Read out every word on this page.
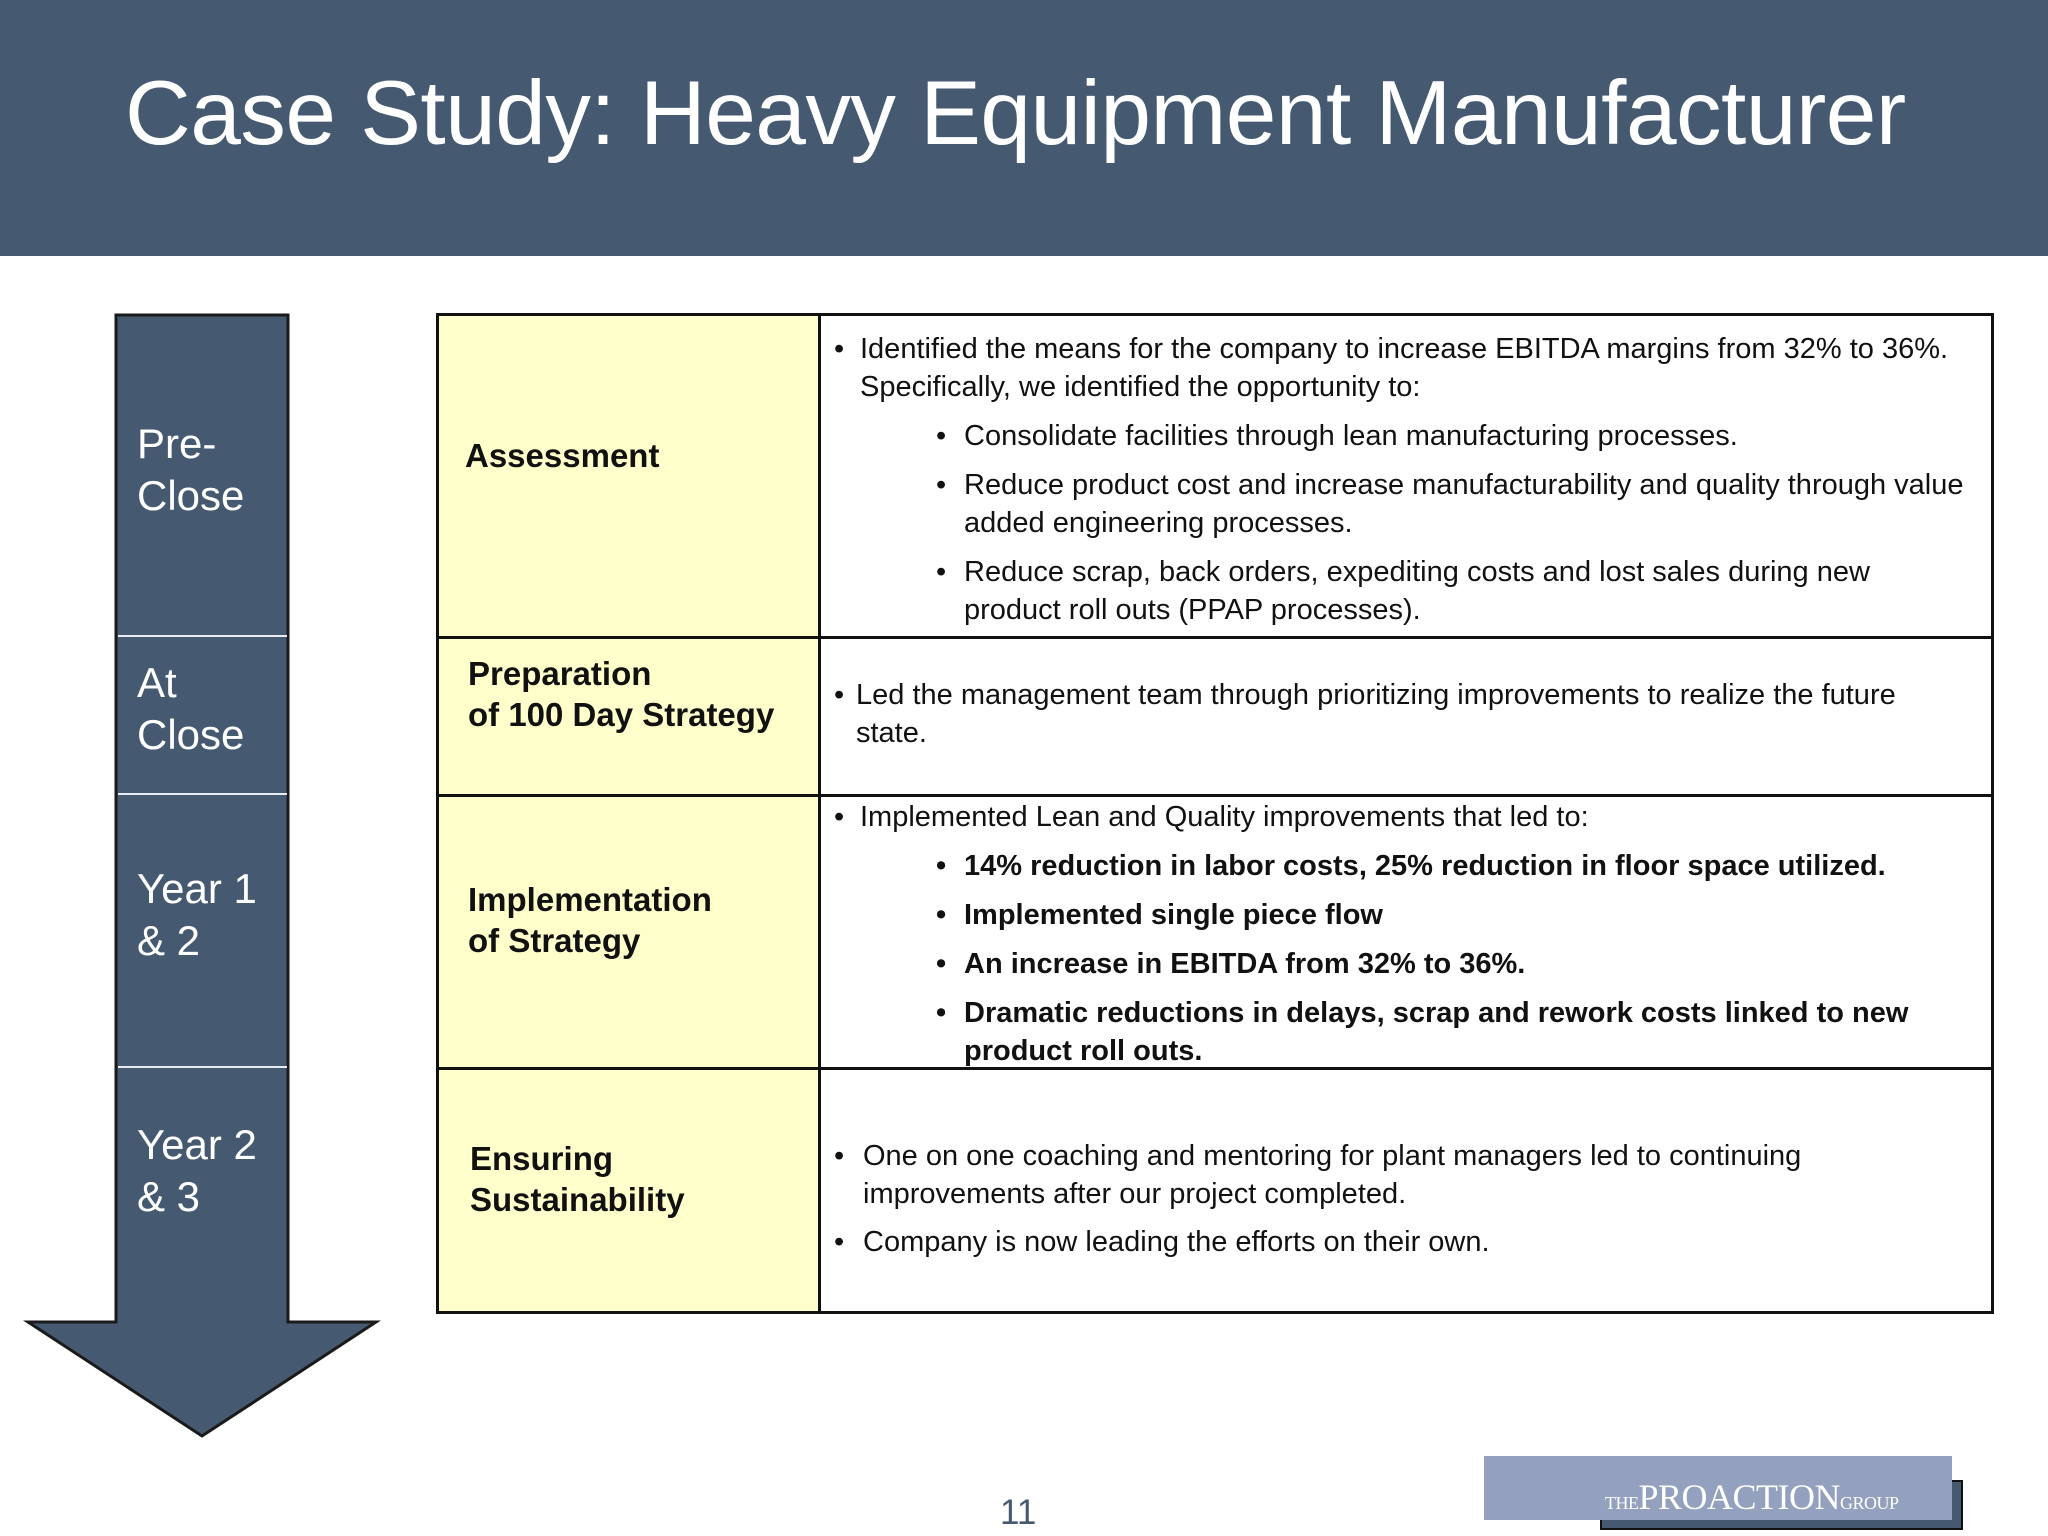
Case Study: Heavy Equipment Manufacturer
Pre-
Close
At
Close
Year 1
& 2
Year 2
& 3
Assessment
• Identified the means for the company to increase EBITDA margins from 32% to 36%. Specifically, we identified the opportunity to:
• Consolidate facilities through lean manufacturing processes.
• Reduce product cost and increase manufacturability and quality through value added engineering processes.
• Reduce scrap, back orders, expediting costs and lost sales during new product roll outs (PPAP processes).
Preparation
of 100 Day Strategy
• Led the management team through prioritizing improvements to realize the future state.
Implementation
of Strategy
• Implemented Lean and Quality improvements that led to:
• 14% reduction in labor costs, 25% reduction in floor space utilized.
• Implemented single piece flow
• An increase in EBITDA from 32% to 36%.
• Dramatic reductions in delays, scrap and rework costs linked to new product roll outs.
Ensuring
Sustainability
• One on one coaching and mentoring for plant managers led to continuing improvements after our project completed.
• Company is now leading the efforts on their own.
11	THEPROACTIONGROUP
